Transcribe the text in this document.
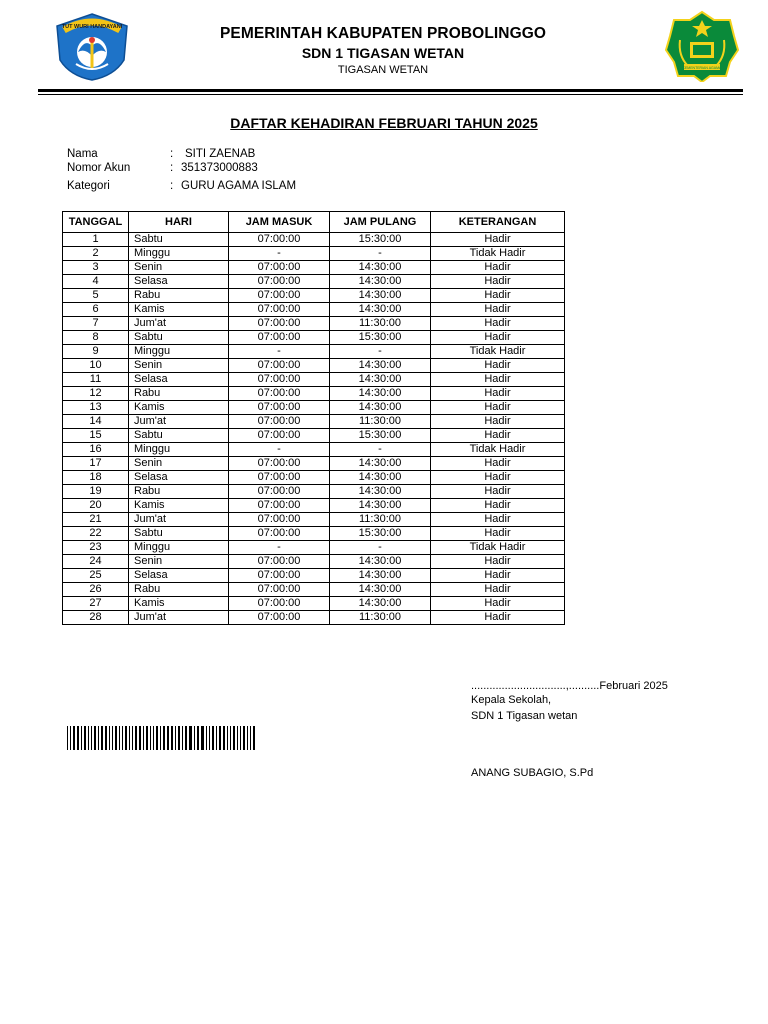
TUT WURI HANDAYANI
KEMENTERIAN AGAMA
PEMERINTAH KABUPATEN PROBOLINGGO
SDN 1 TIGASAN WETAN
TIGASAN WETAN
DAFTAR KEHADIRAN FEBRUARI TAHUN 2025
Nama	: SITI ZAENAB
Nomor Akun	: 351373000883
Kategori	: GURU AGAMA ISLAM
TANGGAL	HARI	JAM MASUK	JAM PULANG	KETERANGAN
1	Sabtu	07:00:00	15:30:00	Hadir
2	Minggu	-	-	Tidak Hadir
3	Senin	07:00:00	14:30:00	Hadir
4	Selasa	07:00:00	14:30:00	Hadir
5	Rabu	07:00:00	14:30:00	Hadir
6	Kamis	07:00:00	14:30:00	Hadir
7	Jum'at	07:00:00	11:30:00	Hadir
8	Sabtu	07:00:00	15:30:00	Hadir
9	Minggu	-	-	Tidak Hadir
10	Senin	07:00:00	14:30:00	Hadir
11	Selasa	07:00:00	14:30:00	Hadir
12	Rabu	07:00:00	14:30:00	Hadir
13	Kamis	07:00:00	14:30:00	Hadir
14	Jum'at	07:00:00	11:30:00	Hadir
15	Sabtu	07:00:00	15:30:00	Hadir
16	Minggu	-	-	Tidak Hadir
17	Senin	07:00:00	14:30:00	Hadir
18	Selasa	07:00:00	14:30:00	Hadir
19	Rabu	07:00:00	14:30:00	Hadir
20	Kamis	07:00:00	14:30:00	Hadir
21	Jum'at	07:00:00	11:30:00	Hadir
22	Sabtu	07:00:00	15:30:00	Hadir
23	Minggu	-	-	Tidak Hadir
24	Senin	07:00:00	14:30:00	Hadir
25	Selasa	07:00:00	14:30:00	Hadir
26	Rabu	07:00:00	14:30:00	Hadir
27	Kamis	07:00:00	14:30:00	Hadir
28	Jum'at	07:00:00	11:30:00	Hadir
...............................,..........Februari 2025
Kepala Sekolah,
SDN 1 Tigasan wetan
ANANG SUBAGIO, S.Pd
